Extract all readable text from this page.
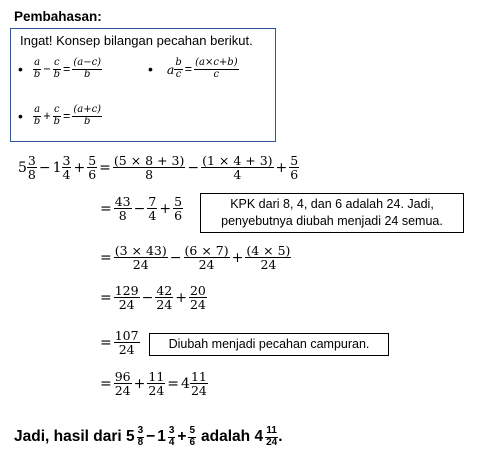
Pembahasan:
Ingat! Konsep bilangan pecahan berikut.
• $\frac{a}{b} - \frac{c}{b} = \frac{(a-c)}{b}$	• a $\frac{b}{c} = \frac{(a\times c+b)}{c}$
• $\frac{a}{b} + \frac{c}{b} = \frac{(a+c)}{b}$
$5 \frac{3}{8} - 1 \frac{3}{4} + \frac{5}{6} = \frac{(5 \times 8 + 3)}{8} - \frac{(1 \times 4 + 3)}{4} + \frac{5}{6}$
= $\frac{43}{8} - \frac{7}{4} + \frac{5}{6}$	KPK dari 8, 4, dan 6 adalah 24. Jadi, penyebutnya diubah menjadi 24 semua.
= $\frac{(3 \times 43)}{24} - \frac{(6 \times 7)}{24} + \frac{(4 \times 5)}{24}$
= $\frac{129}{24} - \frac{42}{24} + \frac{20}{24}$
= $\frac{107}{24}$	Diubah menjadi pecahan campuran.
= $\frac{96}{24} + \frac{11}{24} = 4 \frac{11}{24}$
Jadi, hasil dari $5 \frac{3}{8} - 1 \frac{3}{4} + \frac{5}{6}$ adalah $4 \frac{11}{24}$ .
